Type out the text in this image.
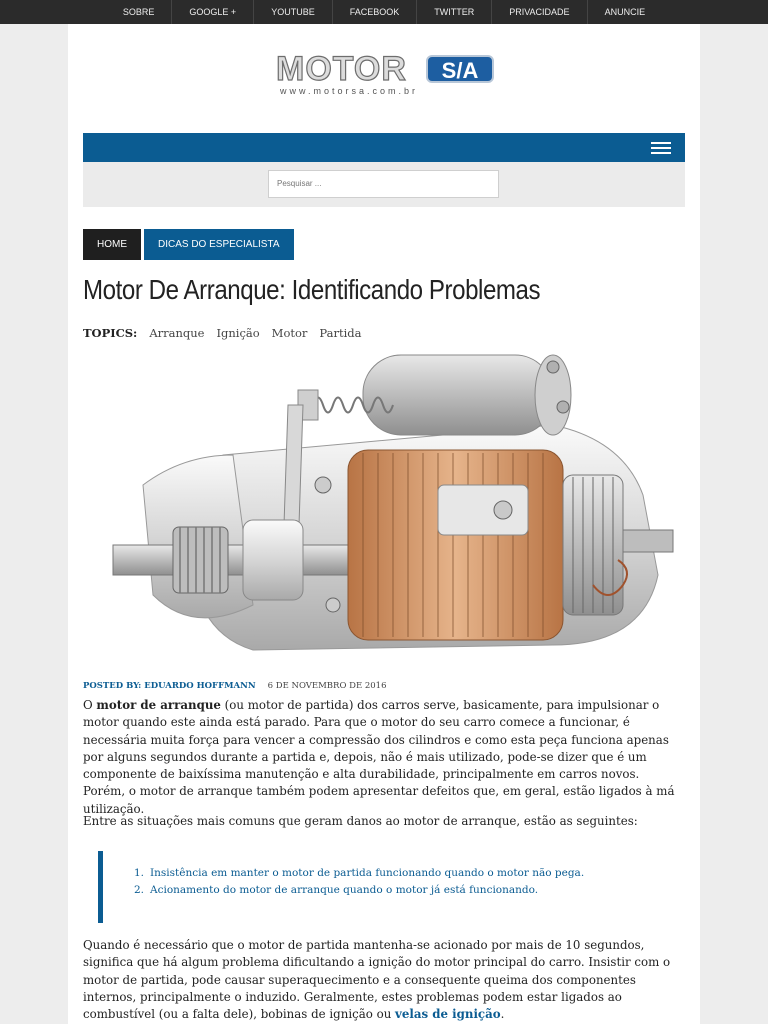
SOBRE	GOOGLE +	YOUTUBE	FACEBOOK	TWITTER	PRIVACIDADE	ANUNCIE
MOTOR	S/A
www.motorsa.com.br
Pesquisar ...
HOME	DICAS DO ESPECIALISTA
Motor De Arranque: Identificando Problemas
TOPICS: Arranque Ignição Motor Partida
POSTED BY: EDUARDO HOFFMANN 6 DE NOVEMBRO DE 2016

O motor de arranque (ou motor de partida) dos carros serve, basicamente, para impulsionar o motor quando este ainda está parado. Para que o motor do seu carro comece a funcionar, é necessária muita força para vencer a compressão dos cilindros e como esta peça funciona apenas por alguns segundos durante a partida e, depois, não é mais utilizado, pode-se dizer que é um componente de baixíssima manutenção e alta durabilidade, principalmente em carros novos. Porém, o motor de arranque também podem apresentar defeitos que, em geral, estão ligados à má utilização.

Entre as situações mais comuns que geram danos ao motor de arranque, estão as seguintes:

1. Insistência em manter o motor de partida funcionando quando o motor não pega.
2. Acionamento do motor de arranque quando o motor já está funcionando.

Quando é necessário que o motor de partida mantenha-se acionado por mais de 10 segundos, significa que há algum problema dificultando a ignição do motor principal do carro. Insistir com o motor de partida, pode causar superaquecimento e a consequente queima dos componentes internos, principalmente o induzido. Geralmente, estes problemas podem estar ligados ao combustível (ou a falta dele), bobinas de ignição ou velas de ignição.
